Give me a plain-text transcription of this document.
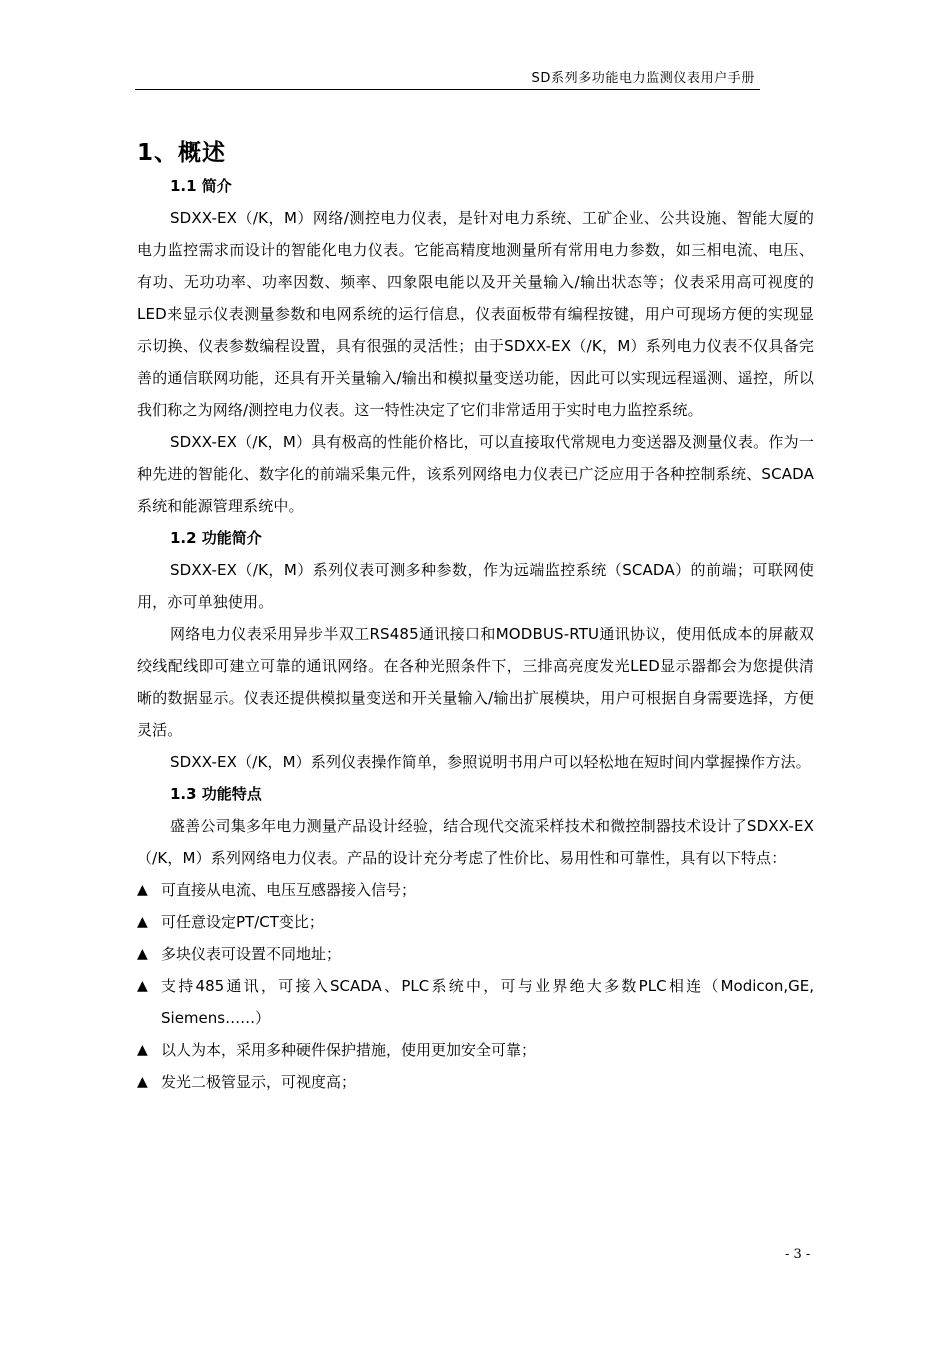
SD系列多功能电力监测仪表用户手册
1、概述
1.1 简介

SDXX-EX（/K，M）网络/测控电力仪表，是针对电力系统、工矿企业、公共设施、智能大厦的电力监控需求而设计的智能化电力仪表。它能高精度地测量所有常用电力参数，如三相电流、电压、有功、无功功率、功率因数、频率、四象限电能以及开关量输入/输出状态等；仪表采用高可视度的LED来显示仪表测量参数和电网系统的运行信息，仪表面板带有编程按键，用户可现场方便的实现显示切换、仪表参数编程设置，具有很强的灵活性；由于SDXX-EX（/K，M）系列电力仪表不仅具备完善的通信联网功能，还具有开关量输入/输出和模拟量变送功能，因此可以实现远程遥测、遥控，所以我们称之为网络/测控电力仪表。这一特性决定了它们非常适用于实时电力监控系统。

SDXX-EX（/K，M）具有极高的性能价格比，可以直接取代常规电力变送器及测量仪表。作为一种先进的智能化、数字化的前端采集元件，该系列网络电力仪表已广泛应用于各种控制系统、SCADA系统和能源管理系统中。

1.2 功能简介

SDXX-EX（/K，M）系列仪表可测多种参数，作为远端监控系统（SCADA）的前端；可联网使用，亦可单独使用。

网络电力仪表采用异步半双工RS485通讯接口和MODBUS-RTU通讯协议，使用低成本的屏蔽双绞线配线即可建立可靠的通讯网络。在各种光照条件下，三排高亮度发光LED显示器都会为您提供清晰的数据显示。仪表还提供模拟量变送和开关量输入/输出扩展模块，用户可根据自身需要选择，方便灵活。

SDXX-EX（/K，M）系列仪表操作简单，参照说明书用户可以轻松地在短时间内掌握操作方法。

1.3 功能特点

盛善公司集多年电力测量产品设计经验，结合现代交流采样技术和微控制器技术设计了SDXX-EX（/K，M）系列网络电力仪表。产品的设计充分考虑了性价比、易用性和可靠性，具有以下特点：

▲ 可直接从电流、电压互感器接入信号；
▲ 可任意设定PT/CT变比；
▲ 多块仪表可设置不同地址；
▲ 支持485通讯，可接入SCADA、PLC系统中，可与业界绝大多数PLC相连（Modicon,GE, Siemens……）
▲ 以人为本，采用多种硬件保护措施，使用更加安全可靠；
▲ 发光二极管显示，可视度高；
- 3 -
